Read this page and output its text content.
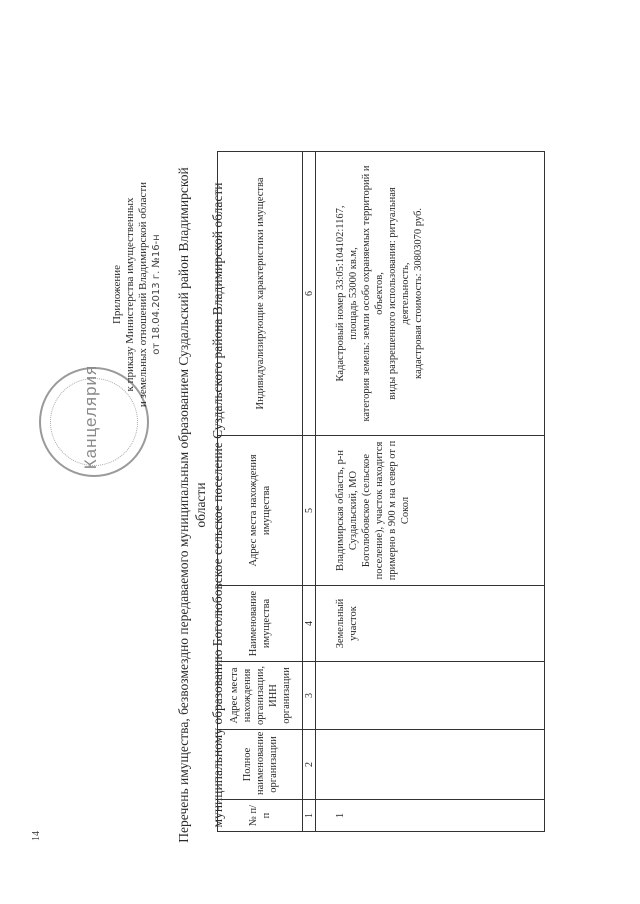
14
Канцелярия
Приложение к приказу Министерства имущественных и земельных отношений Владимирской области от 18.04.2013 г. №16-н Перечень имущества, безвозмездно передаваемого муниципальным образованием Суздальский район Владимирской области муниципальному образованию Боголюбовское сельское поселение Суздальского района Владимирской области № п/п	Полное наименование организации	Адрес места нахождения организации, ИНН организации	Наименование имущества	Адрес места нахождения имущества	Индивидуализирующие характеристики имущества
1	2	3	4	5	6
1			Земельный участок	Владимирская область, р-н Суздальский, МО Боголюбовское (сельское поселение), участок находится примерно в 900 м на север от п Сокол	Кадастровый номер 33:05:104102:1167, площадь 53000 кв.м, категория земель: земли особо охраняемых территорий и объектов, виды разрешенного использования: ритуальная деятельность, кадастровая стоимость: 30803070 руб.
